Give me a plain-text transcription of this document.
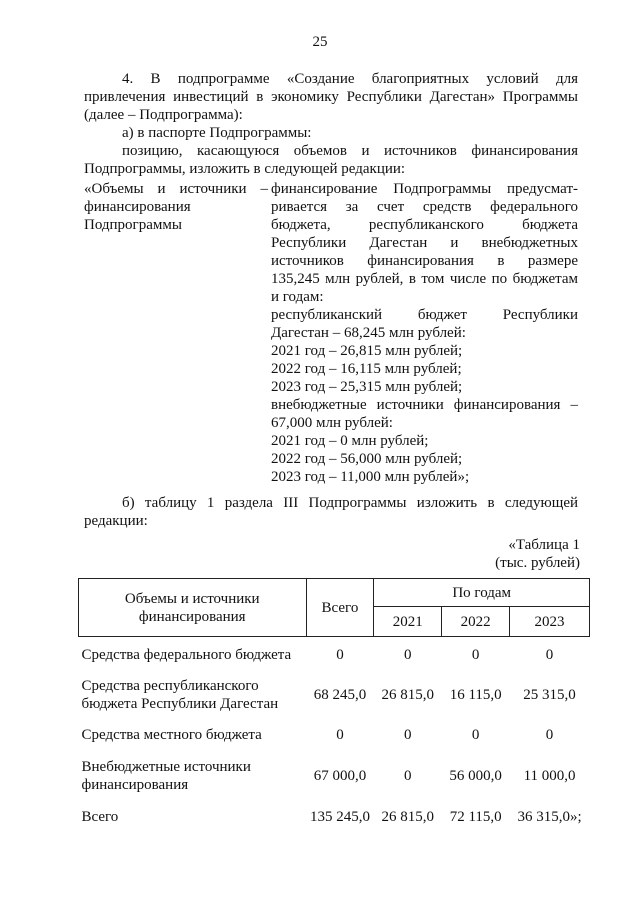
25
4. В подпрограмме «Создание благоприятных условий для привлечения инвестиций в экономику Республики Дагестан» Программы (далее – Подпрограмма):
а) в паспорте Подпрограммы:
позицию, касающуюся объемов и источников финансирования Подпрограммы, изложить в следующей редакции:
«Объемы и источники –
финансирования
Подпрограммы
финансирование Подпрограммы предусмат-
ривается за счет средств федерального
бюджета, республиканского бюджета
Республики Дагестан и внебюджетных
источников финансирования в размере
135,245 млн рублей, в том числе по бюджетам
и годам:
республиканский бюджет Республики
Дагестан – 68,245 млн рублей:
2021 год – 26,815 млн рублей;
2022 год – 16,115 млн рублей;
2023 год – 25,315 млн рублей;
внебюджетные источники финансирования –
67,000 млн рублей:
2021 год – 0 млн рублей;
2022 год – 56,000 млн рублей;
2023 год – 11,000 млн рублей»;
б) таблицу 1 раздела III Подпрограммы изложить в следующей редакции:
«Таблица 1
(тыс. рублей)
Объемы и источники финансирования	Всего	По годам		
		2021	2022	2023
Средства федерального бюджета	0	0	0	0
Средства республиканского бюджета Республики Дагестан	68 245,0	26 815,0	16 115,0	25 315,0
Средства местного бюджета	0	0	0	0
Внебюджетные источники финансирования	67 000,0	0	56 000,0	11 000,0
Всего	135 245,0	26 815,0	72 115,0	36 315,0»;
